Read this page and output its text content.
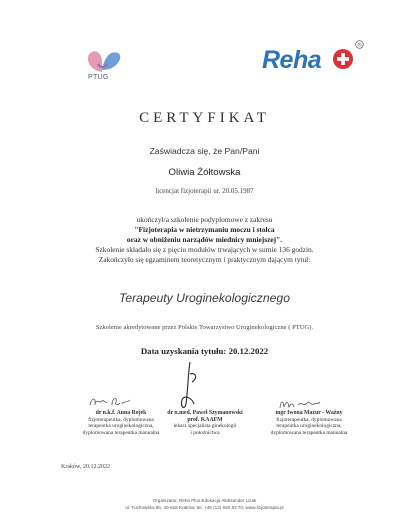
PTUG
Reha
®
CERTYFIKAT
Zaświadcza się, że Pan/Pani
Oliwia Żółtowska
licencjat fizjoterapii ur. 20.05.1987
ukończył/a szkolenie podyplomowe z zakresu
"Fizjoterapia w nietrzymaniu moczu i stolca
oraz w obniżeniu narządów miednicy mniejszej".
Szkolenie składało się z pięciu modułów trwających w sumie 136 godzin.
Zakończyło się egzaminem teoretycznym i praktycznym dającym tytuł:
Terapeuty Uroginekologicznego
Szkolenie akredytowane przez Polskie Towarzystwo Uroginekologiczne ( PTUG).
Data uzyskania tytułu: 20.12.2022
dr n.k.f. Anna Rojek
fizjoterapeutka, dyplomowana
terapeutka uroginekologiczna,
dyplomowana terapeutka manualna
dr n.med. Paweł Szymanowski
prof. KAAFM
lekarz specjalista ginekologii
i położnictwa
mgr Iwona Mazur - Ważny
fizjoterapeutka, dyplomowana
terapeutka uroginekologiczna,
dyplomowana terapeutka manualna
Kraków, 20.12.2022
Organizator, Reha Plus Edukacja Aleksander Lizak
ul. Tuchowska 8b, 30-618 Kraków, tel. +48 (12) 650 83 70, www.fizjoterapia.pl
